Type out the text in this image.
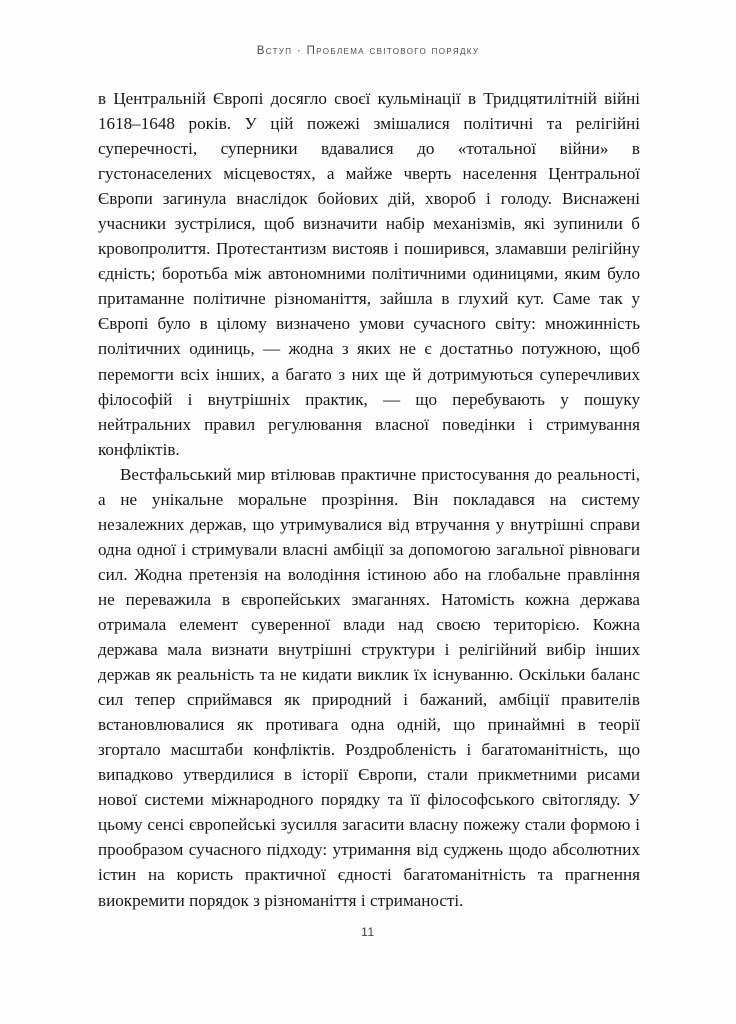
Вступ · Проблема світового порядку

в Центральній Європі досягло своєї кульмінації в Тридцятилітній війні 1618–1648 років. У цій пожежі змішалися політичні та релігійні суперечності, суперники вдавалися до «тотальної війни» в густонаселених місцевостях, а майже чверть населення Центральної Європи загинула внаслідок бойових дій, хвороб і голоду. Виснажені учасники зустрілися, щоб визначити набір механізмів, які зупинили б кровопролиття. Протестантизм вистояв і поширився, зламавши релігійну єдність; боротьба між автономними політичними одиницями, яким було притаманне політичне різноманіття, зайшла в глухий кут. Саме так у Європі було в цілому визначено умови сучасного світу: множинність політичних одиниць, — жодна з яких не є достатньо потужною, щоб перемогти всіх інших, а багато з них ще й дотримуються суперечливих філософій і внутрішніх практик, — що перебувають у пошуку нейтральних правил регулювання власної поведінки і стримування конфліктів.

Вестфальський мир втілював практичне пристосування до реальності, а не унікальне моральне прозріння. Він покладався на систему незалежних держав, що утримувалися від втручання у внутрішні справи одна одної і стримували власні амбіції за допомогою загальної рівноваги сил. Жодна претензія на володіння істиною або на глобальне правління не переважила в європейських змаганнях. Натомість кожна держава отримала елемент суверенної влади над своєю територією. Кожна держава мала визнати внутрішні структури і релігійний вибір інших держав як реальність та не кидати виклик їх існуванню. Оскільки баланс сил тепер сприймався як природний і бажаний, амбіції правителів встановлювалися як противага одна одній, що принаймні в теорії згортало масштаби конфліктів. Роздробленість і багатоманітність, що випадково утвердилися в історії Європи, стали прикметними рисами нової системи міжнародного порядку та її філософського світогляду. У цьому сенсі європейські зусилля загасити власну пожежу стали формою і прообразом сучасного підходу: утримання від суджень щодо абсолютних істин на користь практичної єдності багатоманітність та прагнення виокремити порядок з різноманіття і стриманості.

11
